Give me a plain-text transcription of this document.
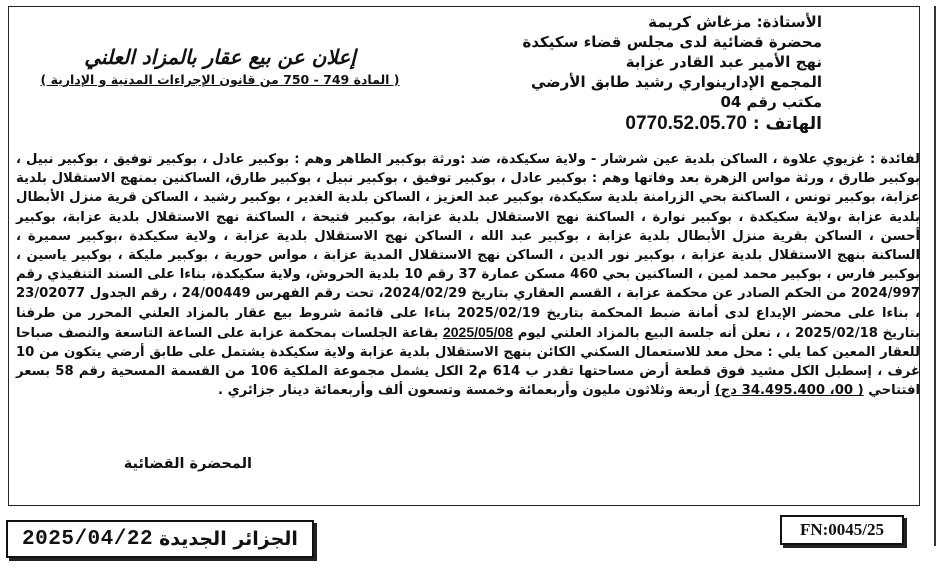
الأستاذة: مزغاش كريمة
محضرة قضائية لدى مجلس قضاء سكيكدة
نهج الأمير عبد القادر عزابة
المجمع الإدارينواري رشيد طابق الأرضي
مكتب رقم 04
الهاتف : 0770.52.05.70
إعلان عن بيع عقار بالمزاد العلني
( المادة 749 - 750 من قانون الإجراءات المدنية و الإدارية )
لفائدة : غزيوي علاوة ، الساكن بلدية عين شرشار - ولاية سكيكدة، ضد :ورثة بوكبير الطاهر وهم : بوكبير عادل ، بوكبير توفيق ، بوكبير نبيل ، بوكبير طارق ، ورثة مواس الزهرة بعد وفاتها وهم : بوكبير عادل ، بوكبير توفيق ، بوكبير نبيل ، بوكبير طارق، الساكنين بمنهج الاستقلال بلدية عزابة، بوكبير تونس ، الساكنة بحي الزرامنة بلدية سكيكدة، بوكبير عبد العزيز ، الساكن بلدية الغدير ، بوكبير رشيد ، الساكن قرية منزل الأبطال بلدية عزابة ،ولاية سكيكدة ، بوكبير نوارة ، الساكنة نهج الاستقلال بلدية عزابة، بوكبير فتيحة ، الساكنة نهج الاستقلال بلدية عزابة، بوكبير أحسن ، الساكن بقرية منزل الأبطال بلدية عزابة ، بوكبير عبد الله ، الساكن نهج الاستقلال بلدية عزابة ، ولاية سكيكدة ،بوكبير سميرة ، الساكنة بنهج الاستقلال بلدية عزابة ، بوكبير نور الدين ، الساكن نهج الاستقلال المدية عزابة ، مواس حورية ، بوكبير مليكة ، بوكبير ياسين ، بوكبير فارس ، بوكبير محمد لمين ، الساكنين بحي 460 مسكن عمارة 37 رقم 10 بلدية الحروش، ولاية سكيكدة، بناءا على السند التنفيذي رقم 2024/997 من الحكم الصادر عن محكمة عزابة ، القسم العقاري بتاريخ 2024/02/29، تحت رقم الفهرس 24/00449 ، رقم الجدول 23/02077 ، بناءا على محضر الإيداع لدى أمانة ضبط المحكمة بتاريخ 2025/02/19 بناءا على قائمة شروط بيع عقار بالمزاد العلني المحرر من طرفنا بتاريخ 2025/02/18 ، ، نعلن أنه جلسة البيع بالمزاد العلني ليوم 2025/05/08 بقاعة الجلسات بمحكمة عزابة على الساعة التاسعة والنصف صباحا للعقار المعين كما يلي : محل معد للاستعمال السكني الكائن بنهج الاستقلال بلدية عزابة ولاية سكيكدة يشتمل على طابق أرضي يتكون من 10 غرف ، إسطبل الكل مشيد فوق قطعة أرض مساحتها تقدر ب 614 م2 الكل يشمل مجموعة الملكية 106 من القسمة المسحية رقم 58 بسعر افتتاحي ( 00، 34.495.400 دج) أربعة وثلاثون مليون وأربعمائة وخمسة وتسعون ألف وأربعمائة دينار جزائري .
المحضرة القضائية
2025/04/22 الجزائر الجديدة	FN:0045/25
